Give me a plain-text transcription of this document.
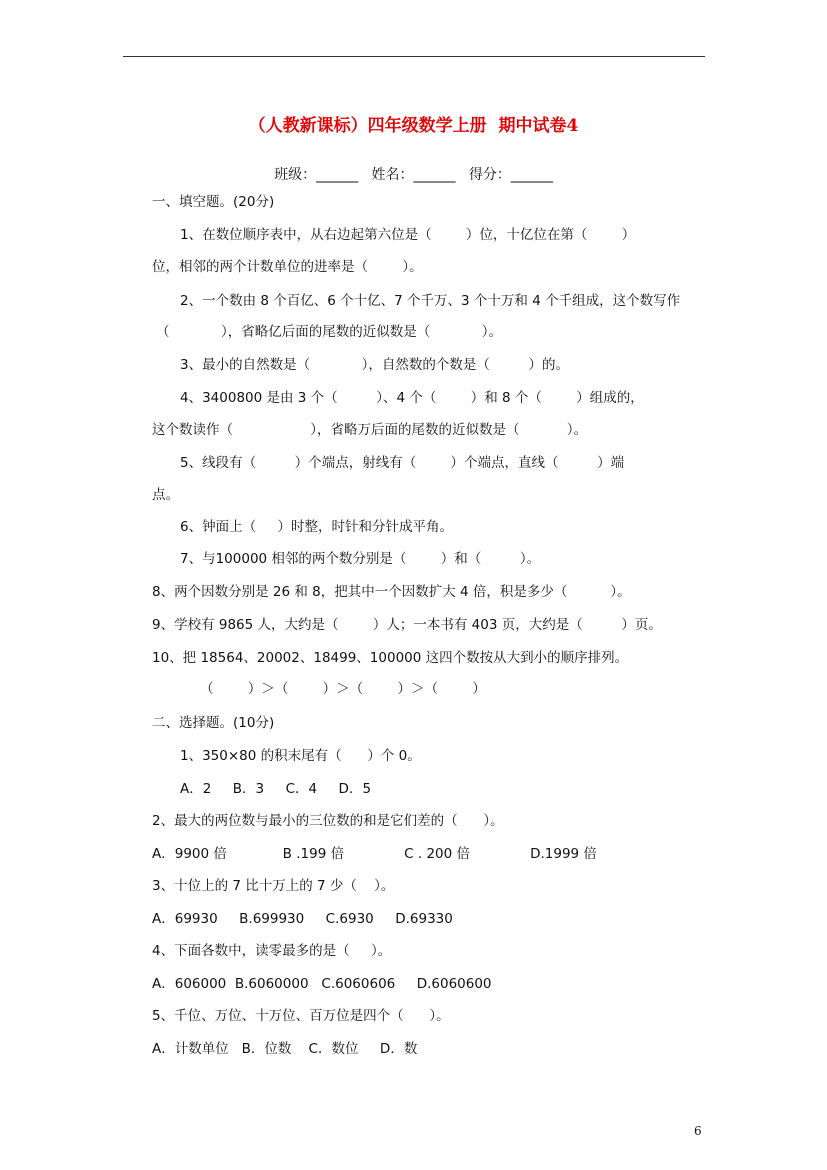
（人教新课标）四年级数学上册  期中试卷4
班级：______   姓名：______   得分：______
一、填空题。(20分)
1、在数位顺序表中，从右边起第六位是（        ）位，十亿位在第（        ）
位，相邻的两个计数单位的进率是（        ）。
2、一个数由 8 个百亿、6 个十亿、7 个千万、3 个十万和 4 个千组成，这个数写作
（            ），省略亿后面的尾数的近似数是（            ）。
3、最小的自然数是（            ），自然数的个数是（         ）的。
4、3400800 是由 3 个（         ）、4 个（        ）和 8 个（        ）组成的，
这个数读作（                  ），省略万后面的尾数的近似数是（           ）。
5、线段有（         ）个端点，射线有（        ）个端点，直线（         ）端
点。
6、钟面上（     ）时整，时针和分针成平角。
7、与100000 相邻的两个数分别是（        ）和（         ）。
8、两个因数分别是 26 和 8，把其中一个因数扩大 4 倍，积是多少（          ）。
9、学校有 9865 人，大约是（        ）人；一本书有 403 页，大约是（         ）页。
10、把 18564、20002、18499、100000 这四个数按从大到小的顺序排列。
（        ）＞（        ）＞（        ）＞（        ）
二、选择题。(10分)
1、350×80 的积末尾有（      ）个 0。
A．2     B．3     C．4     D．5
2、最大的两位数与最小的三位数的和是它们差的（      ）。
A．9900 倍             B .199 倍              C . 200 倍              D.1999 倍
3、十位上的 7 比十万上的 7 少（    ）。
A．69930     B.699930     C.6930     D.69330
4、下面各数中，读零最多的是（     ）。
A．606000  B.6060000   C.6060606     D.6060600
5、千位、万位、十万位、百万位是四个（      ）。
A．计数单位   B．位数    C．数位     D．数
6
